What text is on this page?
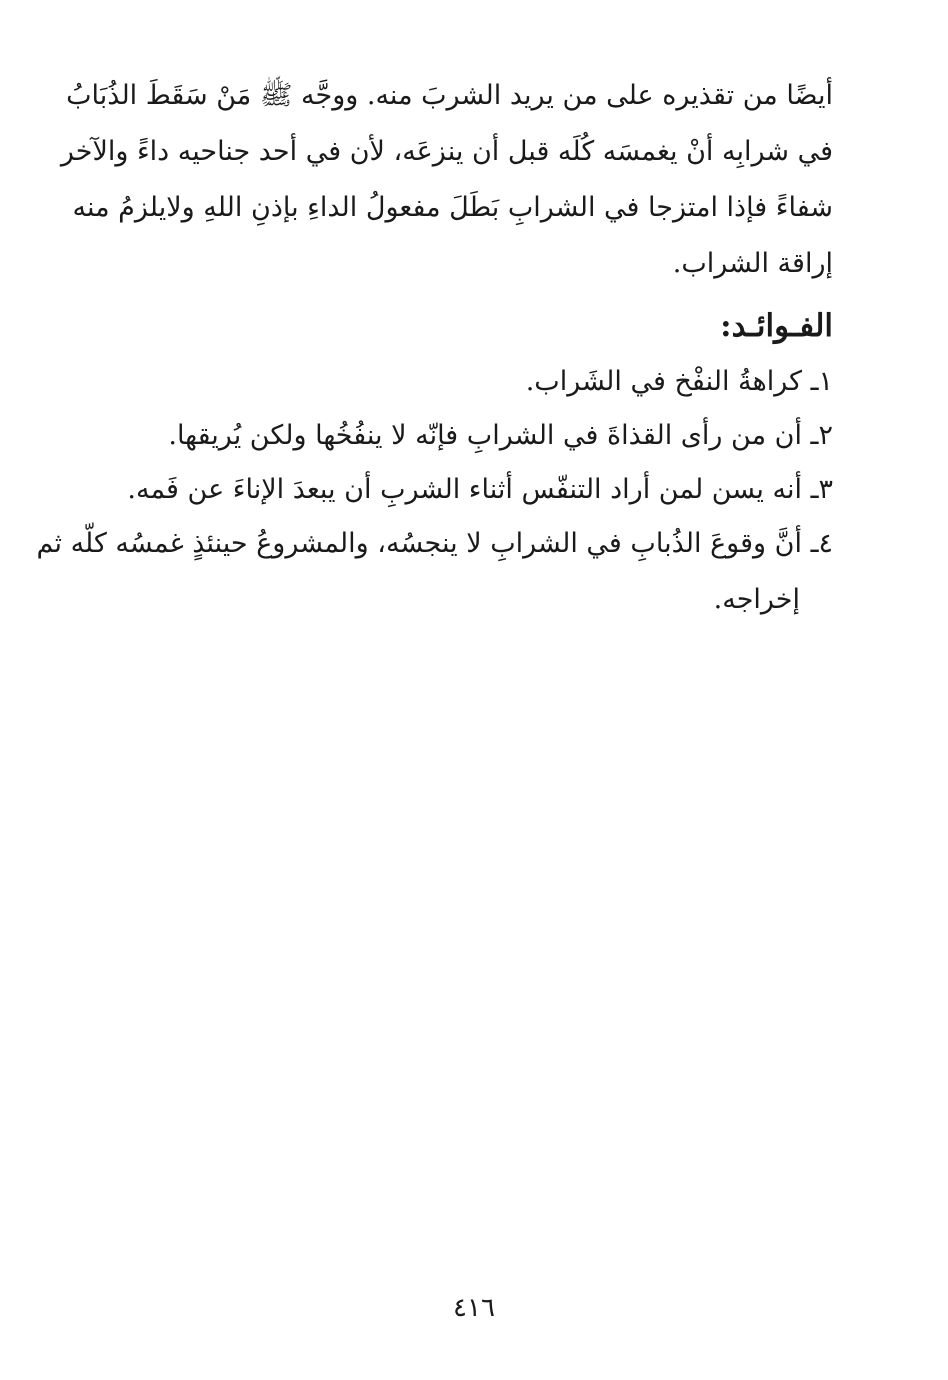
أيضًا من تقذيره على من يريد الشربَ منه. ووجَّه ﷺ مَنْ سَقَطَ الذُبَابُ
في شرابِه أنْ يغمسَه كُلَه قبل أن ينزعَه، لأن في أحد جناحيه داءً والآخر
شفاءً فإذا امتزجا في الشرابِ بَطَلَ مفعولُ الداءِ بإذنِ اللهِ ولايلزمُ منه
إراقة الشراب.
الفـوائـد:
١ـ كراهةُ النفْخ في الشَراب.
٢ـ أن من رأى القذاةَ في الشرابِ فإنّه لا ينفُخُها ولكن يُريقها.
٣ـ أنه يسن لمن أراد التنفّس أثناء الشربِ أن يبعدَ الإناءَ عن فَمه.
٤ـ أنَّ وقوعَ الذُبابِ في الشرابِ لا ينجسُه، والمشروعُ حينئذٍ غمسُه كلّه ثم
إخراجه.
٤١٦
